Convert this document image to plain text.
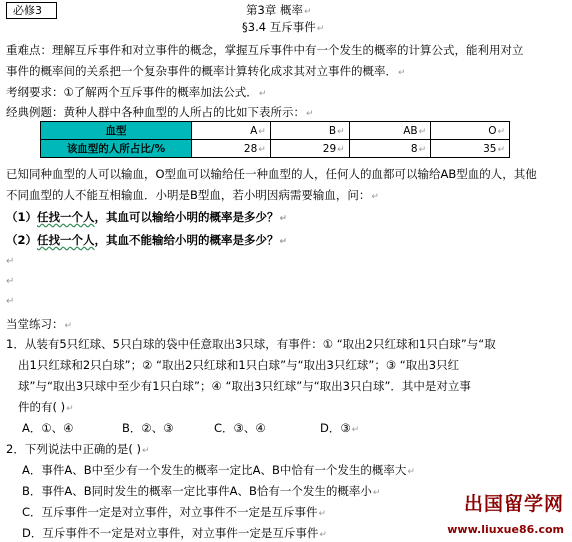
必修3	第3章 概率↵
§3.4 互斥事件↵
重难点：理解互斥事件和对立事件的概念，掌握互斥事件中有一个发生的概率的计算公式，能利用对立
事件的概率间的关系把一个复杂事件的概率计算转化成求其对立事件的概率．↵
考纲要求：①了解两个互斥事件的概率加法公式．↵
经典例题：黄种人群中各种血型的人所占的比如下表所示：↵
血型	A↵	B↵	AB↵	O↵
该血型的人所占比/%	28↵	29↵	8↵	35↵
已知同种血型的人可以输血，O型血可以输给任一种血型的人，任何人的血都可以输给AB型血的人，其他
不同血型的人不能互相输血．小明是B型血，若小明因病需要输血，问：↵
（1）任找一个人，其血可以输给小明的概率是多少？↵
（2）任找一个人，其血不能输给小明的概率是多少？↵
↵
↵
↵
当堂练习：↵
1．从装有5只红球、5只白球的袋中任意取出3只球，有事件：① “取出2只红球和1只白球”与“取
出1只红球和2只白球”；② “取出2只红球和1只白球”与“取出3只红球”；③ “取出3只红
球”与“取出3只球中至少有1只白球”；④ “取出3只红球”与“取出3只白球”．其中是对立事
件的有( )↵
A．①、④	B．②、③	C．③、④	D．③↵
2．下列说法中正确的是( )↵
A．事件A、B中至少有一个发生的概率一定比A、B中恰有一个发生的概率大↵
B．事件A、B同时发生的概率一定比事件A、B恰有一个发生的概率小↵
C．互斥事件一定是对立事件，对立事件不一定是互斥事件↵
D．互斥事件不一定是对立事件，对立事件一定是互斥事件↵
出国留学网
www.liuxue86.com
